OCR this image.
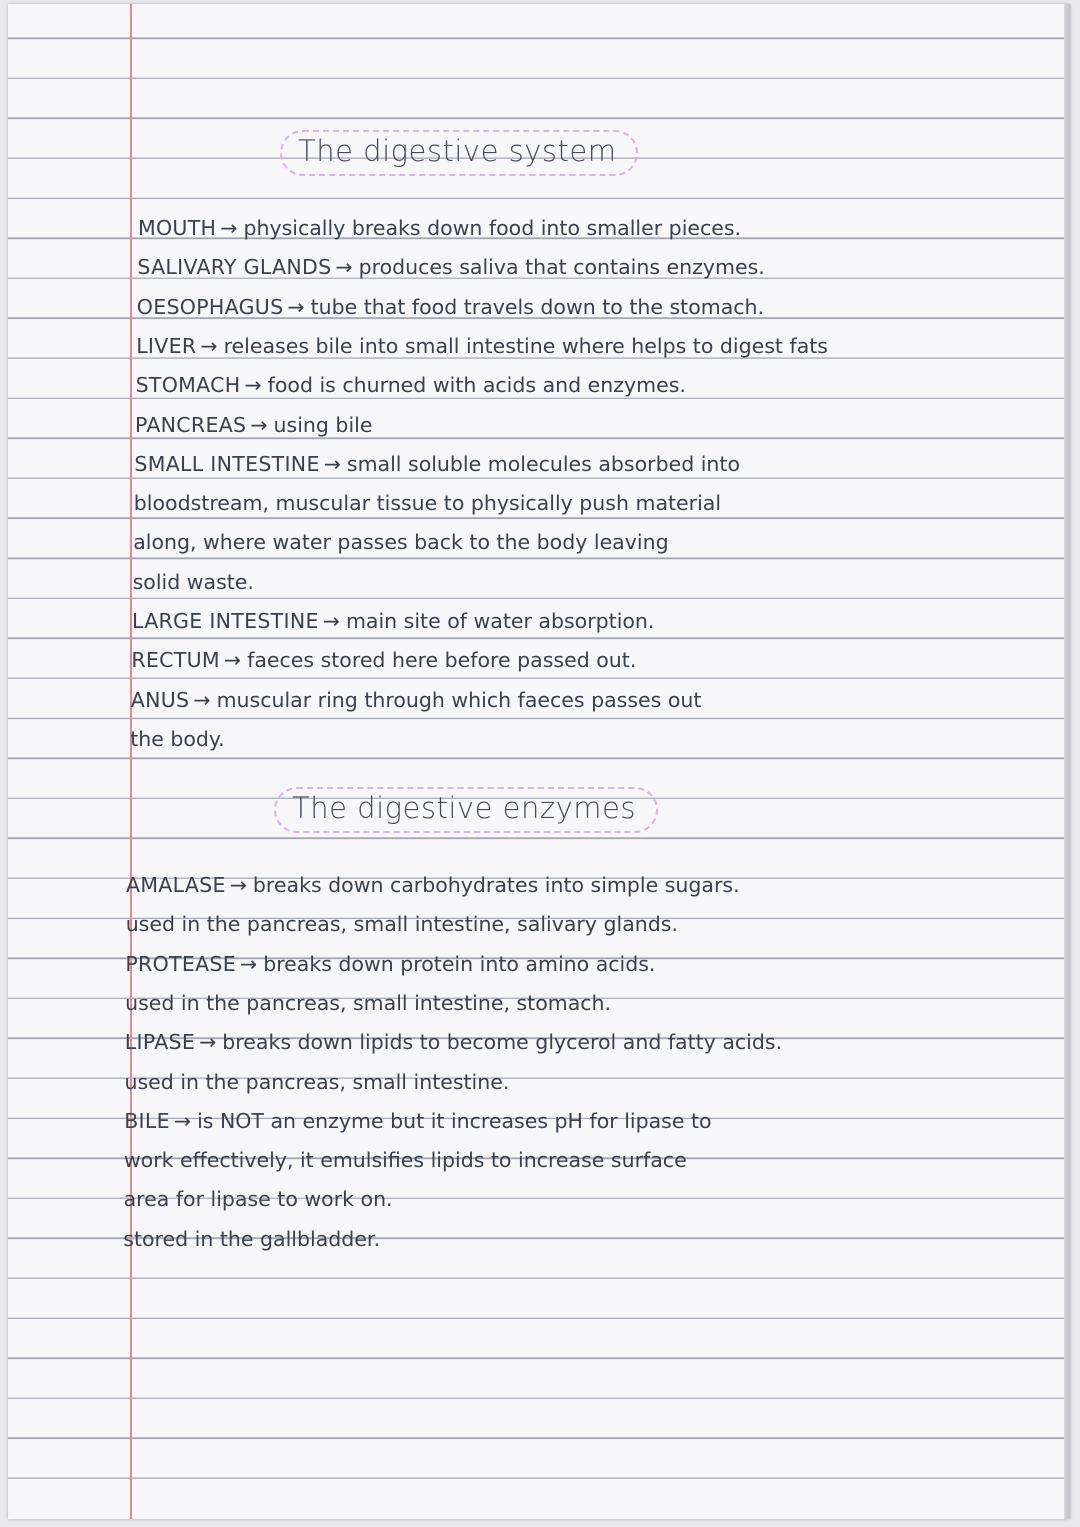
The digestive system
The digestive enzymes
MOUTH → physically breaks down food into smaller pieces.
SALIVARY GLANDS → produces saliva that contains enzymes.
OESOPHAGUS → tube that food travels down to the stomach.
LIVER → releases bile into small intestine where helps to digest fats
STOMACH → food is churned with acids and enzymes.
PANCREAS → using bile
SMALL INTESTINE → small soluble molecules absorbed into
bloodstream, muscular tissue to physically push material
along, where water passes back to the body leaving
solid waste.
LARGE INTESTINE → main site of water absorption.
RECTUM → faeces stored here before passed out.
ANUS → muscular ring through which faeces passes out
the body.
AMALASE → breaks down carbohydrates into simple sugars.
used in the pancreas, small intestine, salivary glands.
PROTEASE → breaks down protein into amino acids.
used in the pancreas, small intestine, stomach.
LIPASE → breaks down lipids to become glycerol and fatty acids.
used in the pancreas, small intestine.
BILE → is NOT an enzyme but it increases pH for lipase to
work effectively, it emulsifies lipids to increase surface
area for lipase to work on.
stored in the gallbladder.
